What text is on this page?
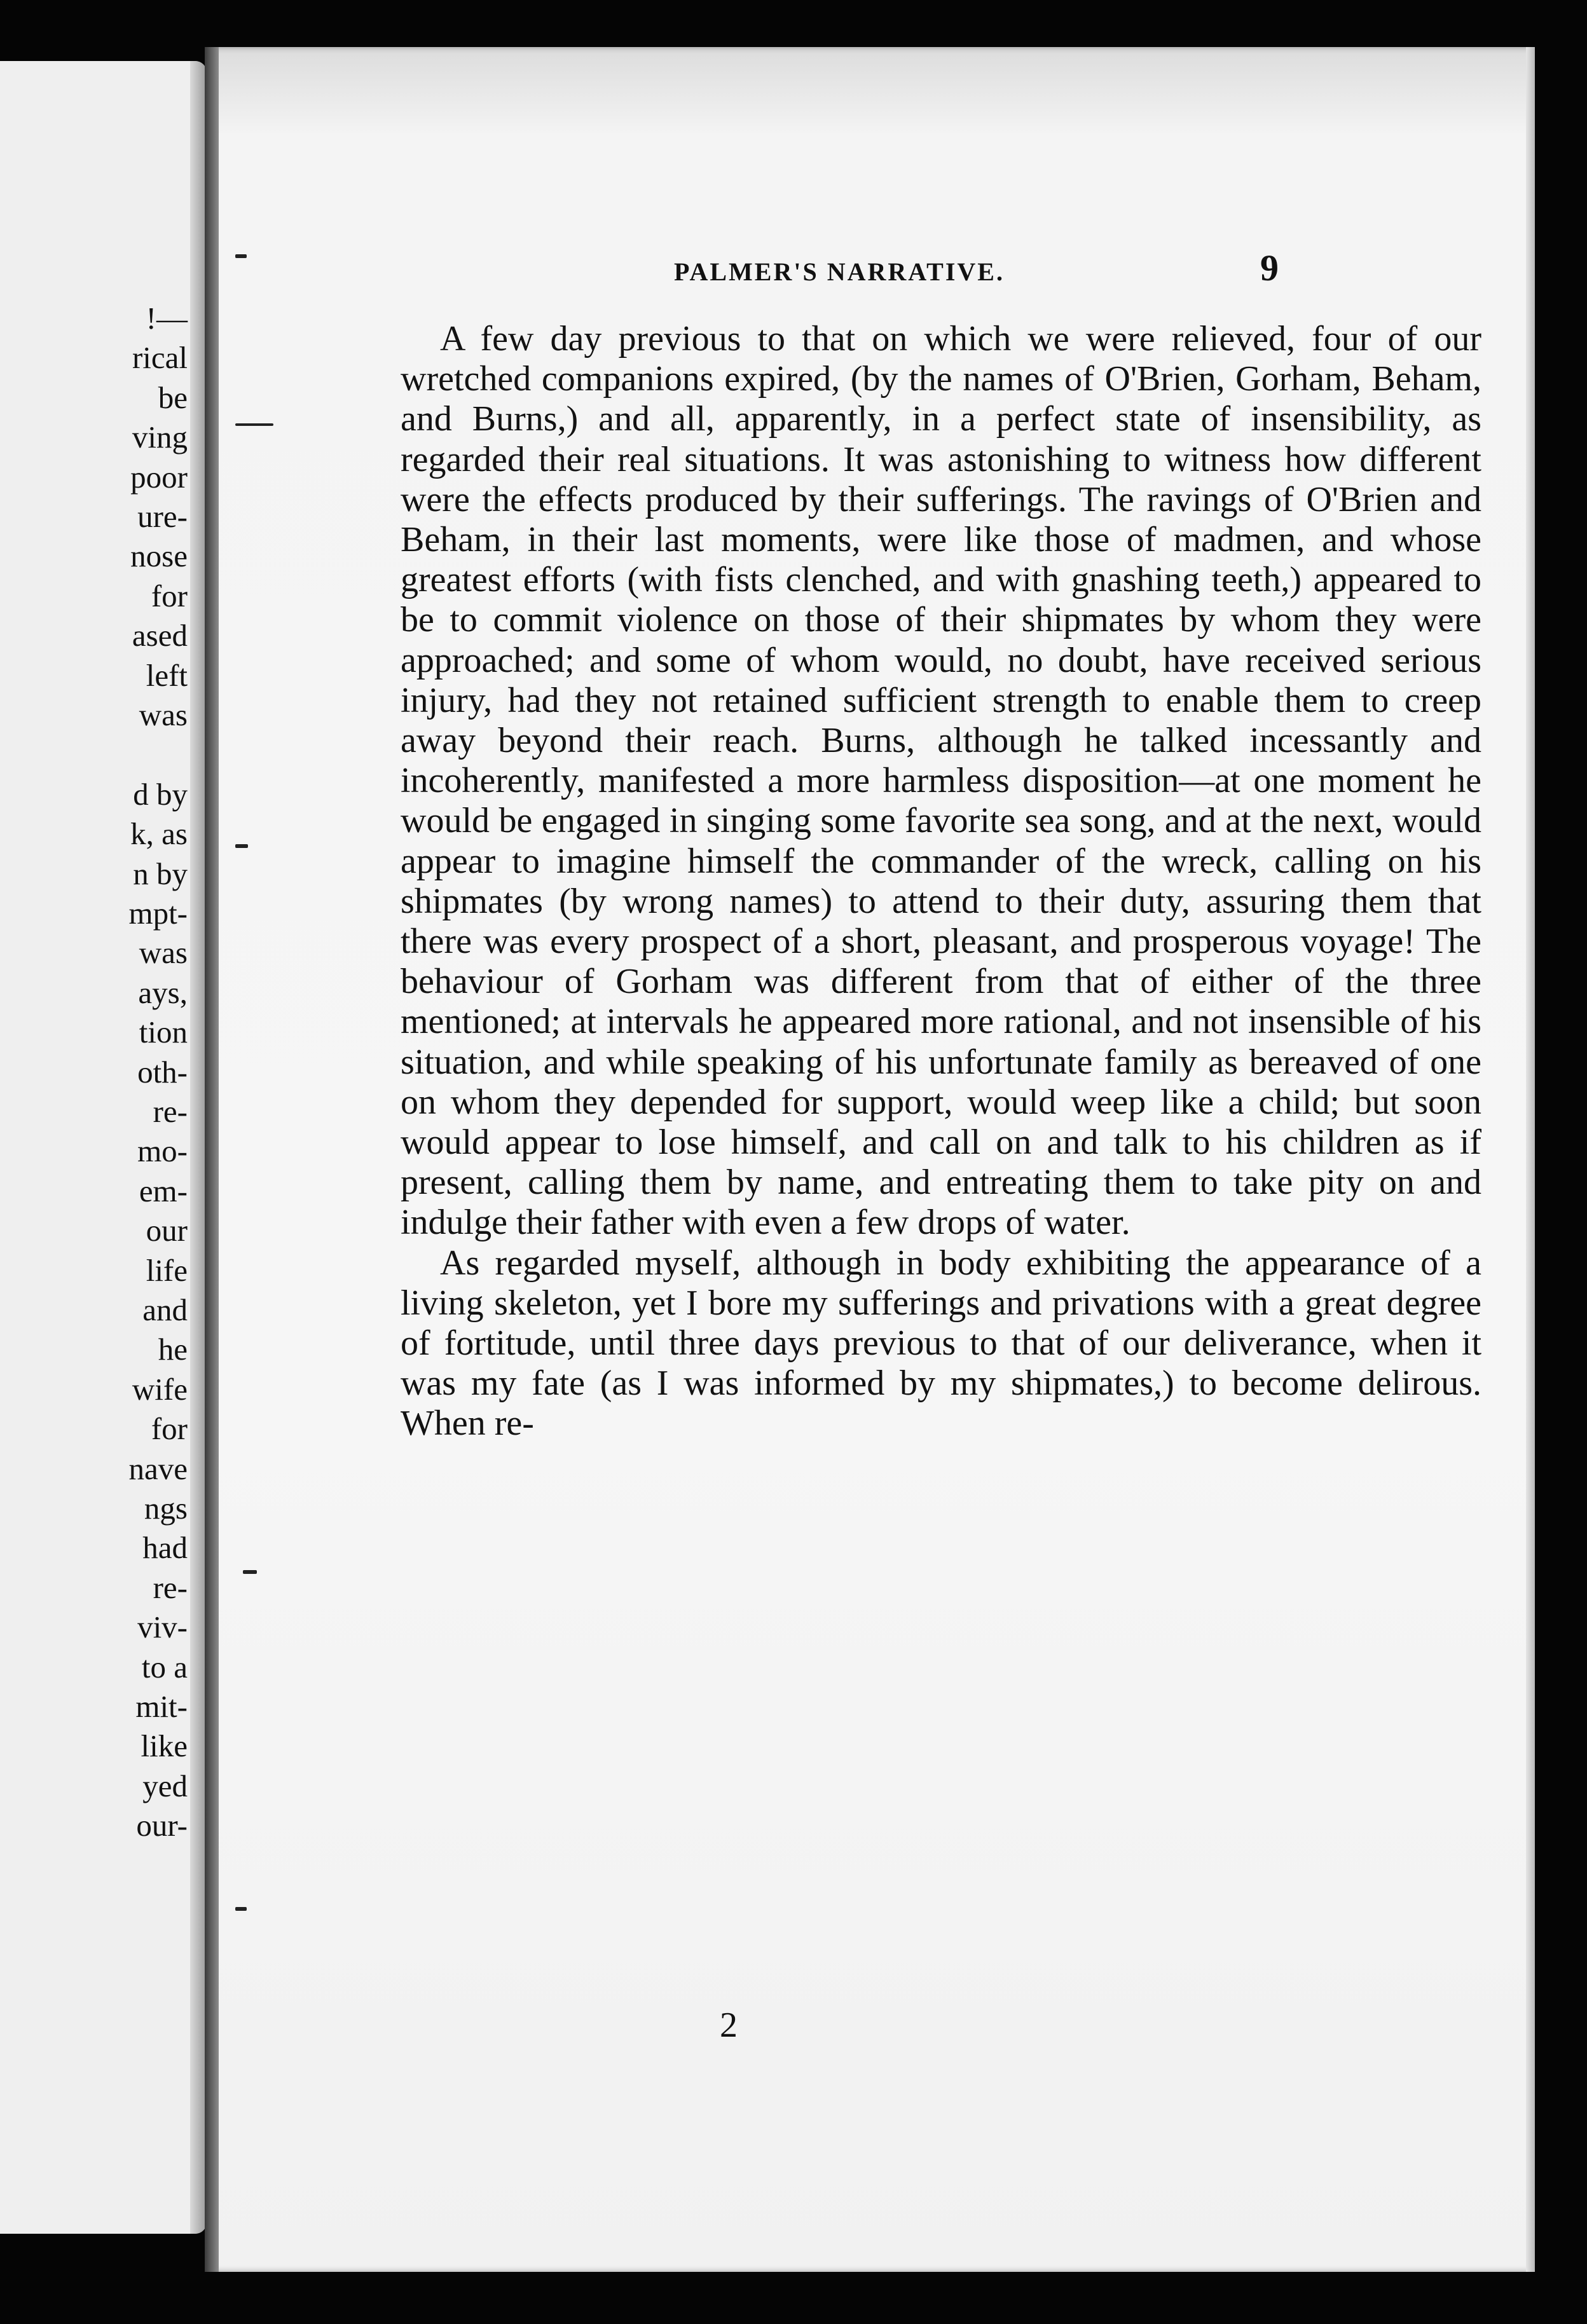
!—
rical
be
ving
poor
ure-
nose
for
ased
left
was
d by
k, as
n by
mpt-
was
ays,
tion
oth-
re-
mo-
em-
our
life
and
he
wife
for
nave
ngs
had
re-
viv-
to a
mit-
like
yed
our-
PALMER'S NARRATIVE.	9

A few day previous to that on which we were relieved, four of our wretched companions expired, (by the names of O'Brien, Gorham, Beham, and Burns,) and all, apparently, in a perfect state of insensibility, as regarded their real situations. It was astonishing to witness how different were the effects produced by their sufferings. The ravings of O'Brien and Beham, in their last moments, were like those of madmen, and whose greatest efforts (with fists clenched, and with gnashing teeth,) appeared to be to commit violence on those of their shipmates by whom they were approached; and some of whom would, no doubt, have received serious injury, had they not retained sufficient strength to enable them to creep away beyond their reach. Burns, although he talked incessantly and incoherently, manifested a more harmless disposition—at one moment he would be engaged in singing some favorite sea song, and at the next, would appear to imagine himself the commander of the wreck, calling on his shipmates (by wrong names) to attend to their duty, assuring them that there was every prospect of a short, pleasant, and prosperous voyage! The behaviour of Gorham was different from that of either of the three mentioned; at intervals he appeared more rational, and not insensible of his situation, and while speaking of his unfortunate family as bereaved of one on whom they depended for support, would weep like a child; but soon would appear to lose himself, and call on and talk to his children as if present, calling them by name, and entreating them to take pity on and indulge their father with even a few drops of water.

As regarded myself, although in body exhibiting the appearance of a living skeleton, yet I bore my sufferings and privations with a great degree of fortitude, until three days previous to that of our deliverance, when it was my fate (as I was informed by my shipmates,) to become delirous. When re-

2
